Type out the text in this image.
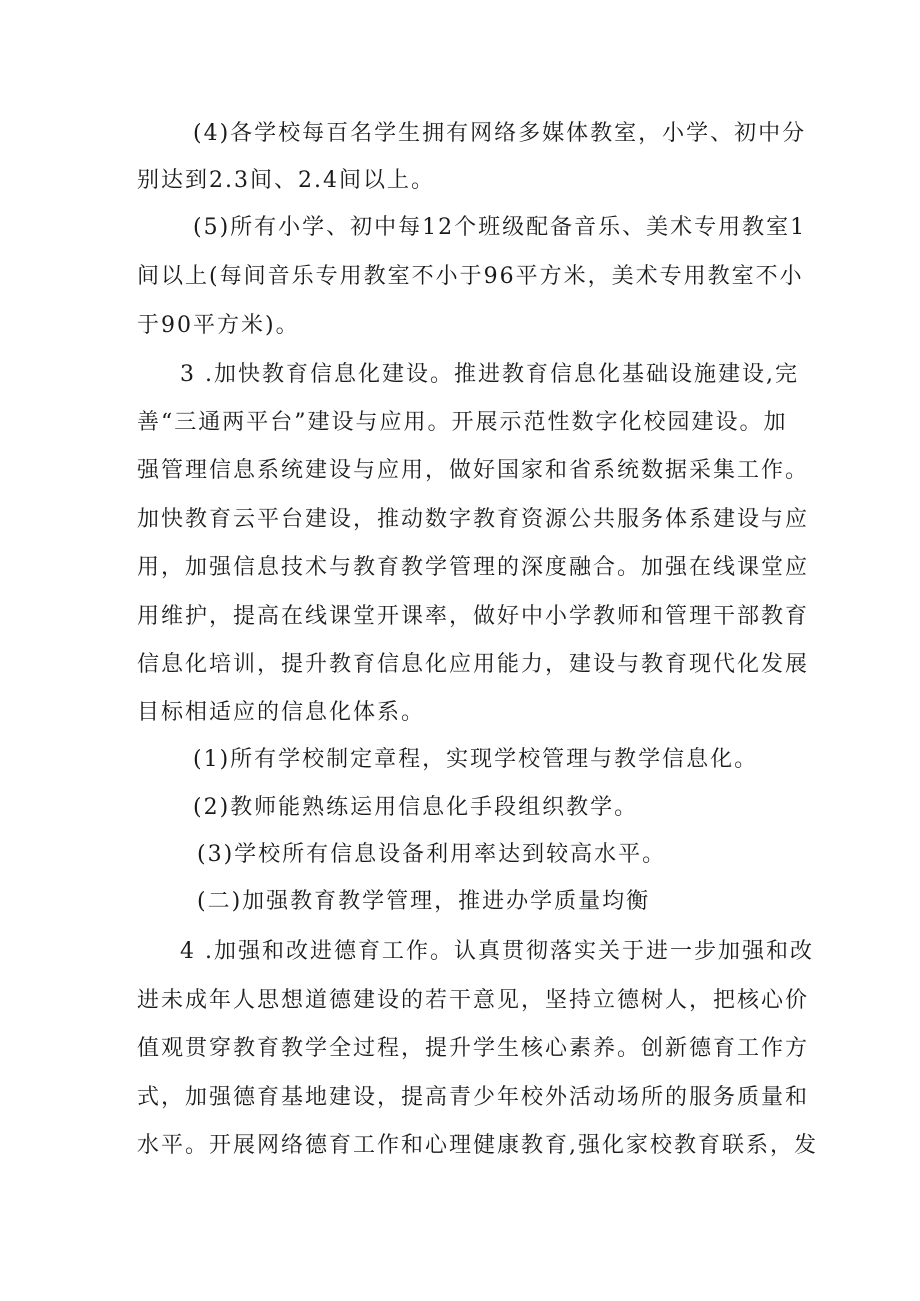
(4)各学校每百名学生拥有网络多媒体教室，小学、初中分
别达到2.3间、2.4间以上。
(5)所有小学、初中每12个班级配备音乐、美术专用教室1
间以上(每间音乐专用教室不小于96平方米，美术专用教室不小
于90平方米)。
3 .加快教育信息化建设。推进教育信息化基础设施建设,完
善“三通两平台”建设与应用。开展示范性数字化校园建设。加
强管理信息系统建设与应用，做好国家和省系统数据采集工作。
加快教育云平台建设，推动数字教育资源公共服务体系建设与应
用，加强信息技术与教育教学管理的深度融合。加强在线课堂应
用维护，提高在线课堂开课率，做好中小学教师和管理干部教育
信息化培训，提升教育信息化应用能力，建设与教育现代化发展
目标相适应的信息化体系。
(1)所有学校制定章程，实现学校管理与教学信息化。
(2)教师能熟练运用信息化手段组织教学。
(3)学校所有信息设备利用率达到较高水平。
(二)加强教育教学管理，推进办学质量均衡
4 .加强和改进德育工作。认真贯彻落实关于进一步加强和改
进未成年人思想道德建设的若干意见，坚持立德树人，把核心价
值观贯穿教育教学全过程，提升学生核心素养。创新德育工作方
式，加强德育基地建设，提高青少年校外活动场所的服务质量和
水平。开展网络德育工作和心理健康教育,强化家校教育联系，发
